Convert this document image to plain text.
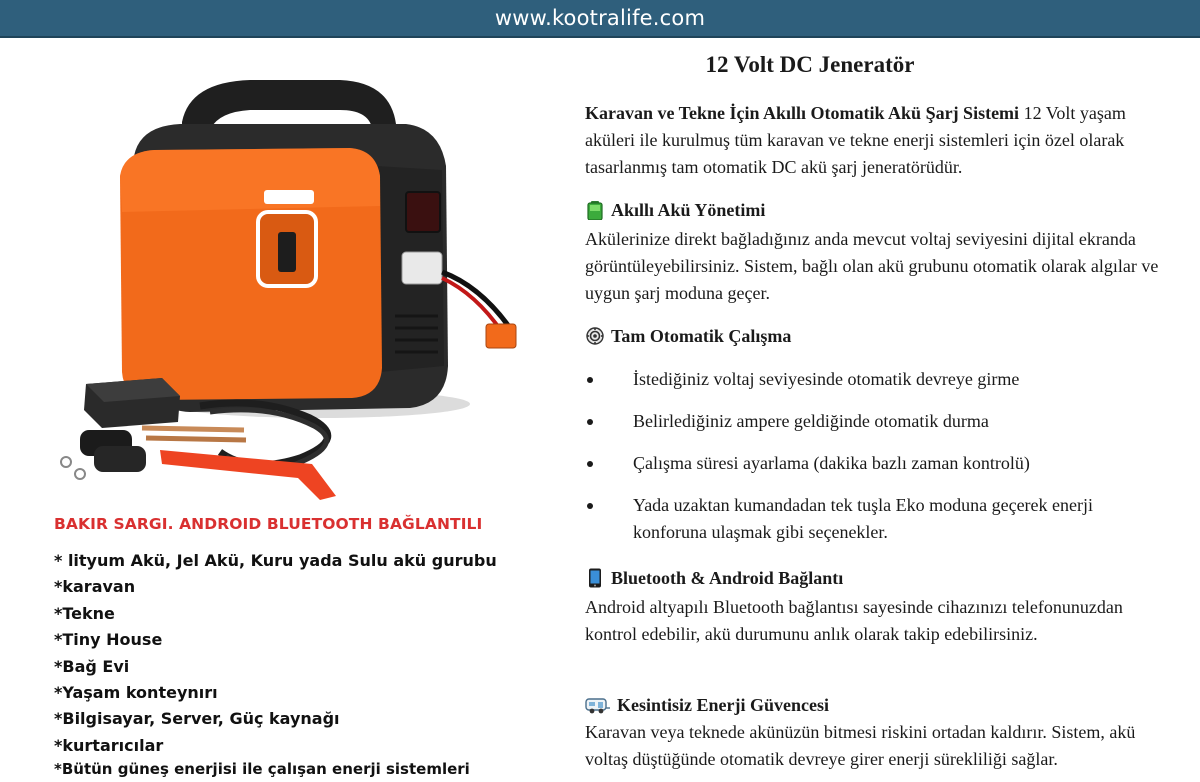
www.kootralife.com
BAKIR SARGI. ANDROID BLUETOOTH BAĞLANTILI
* lityum Akü, Jel Akü, Kuru yada Sulu akü gurubu
*karavan
*Tekne
*Tiny House
*Bağ Evi
*Yaşam konteynırı
*Bilgisayar, Server, Güç kaynağı
*kurtarıcılar
*Bütün güneş enerjisi ile çalışan enerji sistemleri
12 Volt DC Jeneratör

Karavan ve Tekne İçin Akıllı Otomatik Akü Şarj Sistemi 12 Volt yaşam aküleri ile kurulmuş tüm karavan ve tekne enerji sistemleri için özel olarak tasarlanmış tam otomatik DC akü şarj jeneratörüdür.

Akıllı Akü Yönetimi

Akülerinize direkt bağladığınız anda mevcut voltaj seviyesini dijital ekranda görüntüleyebilirsiniz. Sistem, bağlı olan akü grubunu otomatik olarak algılar ve uygun şarj moduna geçer.

Tam Otomatik Çalışma
İstediğiniz voltaj seviyesinde otomatik devreye girme
Belirlediğiniz ampere geldiğinde otomatik durma
Çalışma süresi ayarlama (dakika bazlı zaman kontrolü)
Yada uzaktan kumandadan tek tuşla Eko moduna geçerek enerji konforuna ulaşmak gibi seçenekler.
Bluetooth & Android Bağlantı

Android altyapılı Bluetooth bağlantısı sayesinde cihazınızı telefonunuzdan kontrol edebilir, akü durumunu anlık olarak takip edebilirsiniz.

Kesintisiz Enerji Güvencesi

Karavan veya teknede akünüzün bitmesi riskini ortadan kaldırır. Sistem, akü voltaş düştüğünde otomatik devreye girer enerji sürekliliği sağlar.
